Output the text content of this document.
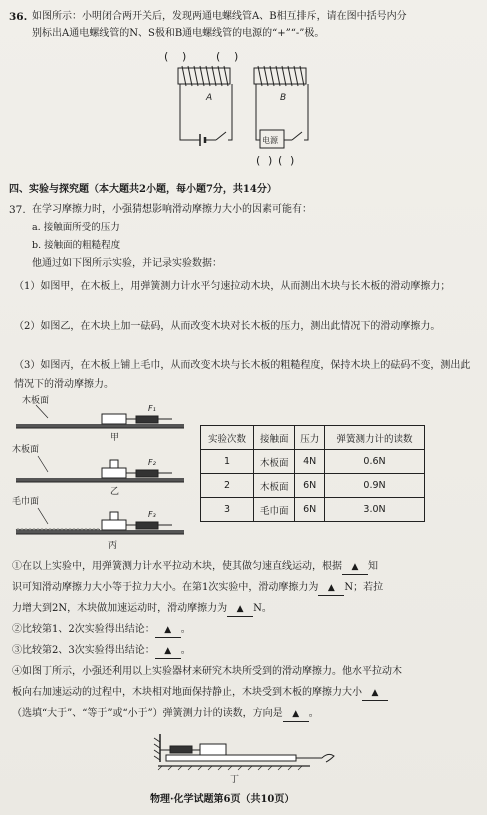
36. 如图所示：小明闭合两开关后，发现两通电螺线管A、B相互排斥，请在图中括号内分
别标出A通电螺线管的N、S极和B通电螺线管的电源的“+”“-”极。
( )	( )
A	B
电源
( ) ( )
四、实验与探究题（本大题共2小题，每小题7分，共14分）
37. 在学习摩擦力时，小强猜想影响滑动摩擦力大小的因素可能有：
a. 接触面所受的压力
b. 接触面的粗糙程度
他通过如下图所示实验，并记录实验数据：
（1）如图甲，在木板上，用弹簧测力计水平匀速拉动木块，从而测出木块与长木板的滑动摩擦力；
（2）如图乙，在木块上加一砝码，从而改变木块对长木板的压力，测出此情况下的滑动摩擦力。
（3）如图丙，在木板上铺上毛巾，从而改变木块与长木板的粗糙程度，保持木块上的砝码不变，测出此情况下的滑动摩擦力。
木板面
F₁
甲
木板面
F₂
乙
毛巾面
F₃
丙
实验次数	接触面	压力	弹簧测力计的读数
1	木板面	4N	0.6N
2	木板面	6N	0.9N
3	毛巾面	6N	3.0N
①在以上实验中，用弹簧测力计水平拉动木块，使其做匀速直线运动，根据 ▲ 知
识可知滑动摩擦力大小等于拉力大小。在第1次实验中，滑动摩擦力为 ▲ N；若拉
力增大到2N，木块做加速运动时，滑动摩擦力为 ▲ N。
②比较第1、2次实验得出结论： ▲ 。
③比较第2、3次实验得出结论： ▲ 。
④如图丁所示，小强还利用以上实验器材来研究木块所受到的滑动摩擦力。他水平拉动木
板向右加速运动的过程中，木块相对地面保持静止，木块受到木板的摩擦力大小 ▲
（选填“大于”、“等于”或“小于”）弹簧测力计的读数，方向是 ▲ 。
丁
物理·化学试题第6页（共10页）
